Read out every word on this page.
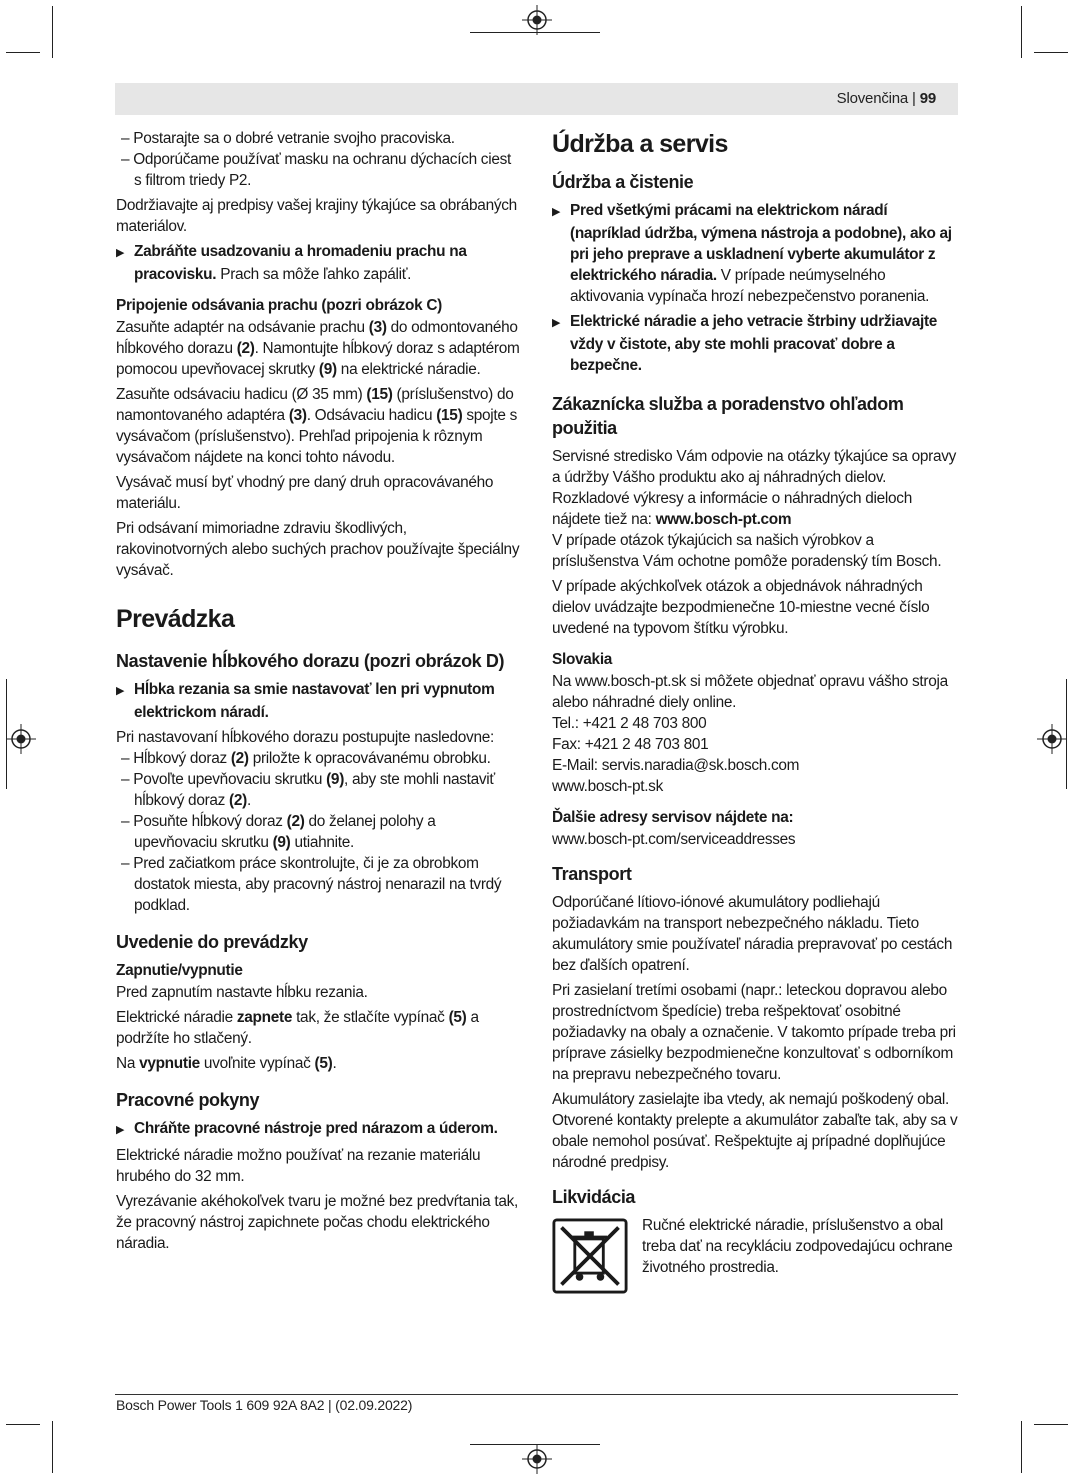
Slovenčina | 99

– Postarajte sa o dobré vetranie svojho pracoviska.

– Odporúčame používať masku na ochranu dýchacích ciest s filtrom triedy P2.

Dodržiavajte aj predpisy vašej krajiny týkajúce sa obrábaných materiálov.

▶ Zabráňte usadzovaniu a hromadeniu prachu na pracovisku. Prach sa môže ľahko zapáliť.

Pripojenie odsávania prachu (pozri obrázok C)

Zasuňte adaptér na odsávanie prachu (3) do odmontovaného hĺbkového dorazu (2). Namontujte hĺbkový doraz s adaptérom pomocou upevňovacej skrutky (9) na elektrické náradie.

Zasuňte odsávaciu hadicu (Ø 35 mm) (15) (príslušenstvo) do namontovaného adaptéra (3). Odsávaciu hadicu (15) spojte s vysávačom (príslušenstvo). Prehľad pripojenia k rôznym vysávačom nájdete na konci tohto návodu.

Vysávač musí byť vhodný pre daný druh opracovávaného materiálu.

Pri odsávaní mimoriadne zdraviu škodlivých, rakovinotvorných alebo suchých prachov používajte špeciálny vysávač.

Prevádzka
Nastavenie hĺbkového dorazu (pozri obrázok D)

▶ Hĺbka rezania sa smie nastavovať len pri vypnutom elektrickom náradí.

Pri nastavovaní hĺbkového dorazu postupujte nasledovne:

– Hĺbkový doraz (2) priložte k opracovávanému obrobku.

– Povoľte upevňovaciu skrutku (9), aby ste mohli nastaviť hĺbkový doraz (2).

– Posuňte hĺbkový doraz (2) do želanej polohy a upevňovaciu skrutku (9) utiahnite.

– Pred začiatkom práce skontrolujte, či je za obrobkom dostatok miesta, aby pracovný nástroj nenarazil na tvrdý podklad.

Uvedenie do prevádzky
Zapnutie/vypnutie

Pred zapnutím nastavte hĺbku rezania.

Elektrické náradie zapnete tak, že stlačíte vypínač (5) a podržíte ho stlačený.

Na vypnutie uvoľnite vypínač (5).

Pracovné pokyny

▶ Chráňte pracovné nástroje pred nárazom a úderom.

Elektrické náradie možno používať na rezanie materiálu hrubého do 32 mm.

Vyrezávanie akéhokoľvek tvaru je možné bez predvŕtania tak, že pracovný nástroj zapichnete počas chodu elektrického náradia.

Údržba a servis
Údržba a čistenie

▶ Pred všetkými prácami na elektrickom náradí (napríklad údržba, výmena nástroja a podobne), ako aj pri jeho preprave a uskladnení vyberte akumulátor z elektrického náradia. V prípade neúmyselného aktivovania vypínača hrozí nebezpečenstvo poranenia.

▶ Elektrické náradie a jeho vetracie štrbiny udržiavajte vždy v čistote, aby ste mohli pracovať dobre a bezpečne.

Zákaznícka služba a poradenstvo ohľadom použitia

Servisné stredisko Vám odpovie na otázky týkajúce sa opravy a údržby Vášho produktu ako aj náhradných dielov. Rozkladové výkresy a informácie o náhradných dieloch nájdete tiež na: www.bosch-pt.com

V prípade otázok týkajúcich sa našich výrobkov a príslušenstva Vám ochotne pomôže poradenský tím Bosch.

V prípade akýchkoľvek otázok a objednávok náhradných dielov uvádzajte bezpodmienečne 10-miestne vecné číslo uvedené na typovom štítku výrobku.

Slovakia

Na www.bosch-pt.sk si môžete objednať opravu vášho stroja alebo náhradné diely online.

Tel.: +421 2 48 703 800

Fax: +421 2 48 703 801

E-Mail: servis.naradia@sk.bosch.com

www.bosch-pt.sk

Ďalšie adresy servisov nájdete na:

www.bosch-pt.com/serviceaddresses

Transport

Odporúčané lítiovo-iónové akumulátory podliehajú požiadavkám na transport nebezpečného nákladu. Tieto akumulátory smie používateľ náradia prepravovať po cestách bez ďalších opatrení.

Pri zasielaní tretími osobami (napr.: leteckou dopravou alebo prostredníctvom špedície) treba rešpektovať osobitné požiadavky na obaly a označenie. V takomto prípade treba pri príprave zásielky bezpodmienečne konzultovať s odborníkom na prepravu nebezpečného tovaru.

Akumulátory zasielajte iba vtedy, ak nemajú poškodený obal. Otvorené kontakty prelepte a akumulátor zabaľte tak, aby sa v obale nemohol posúvať. Rešpektujte aj prípadné doplňujúce národné predpisy.

Likvidácia

Ručné elektrické náradie, príslušenstvo a obal treba dať na recykláciu zodpovedajúcu ochrane životného prostredia.

Bosch Power Tools 1 609 92A 8A2 | (02.09.2022)
